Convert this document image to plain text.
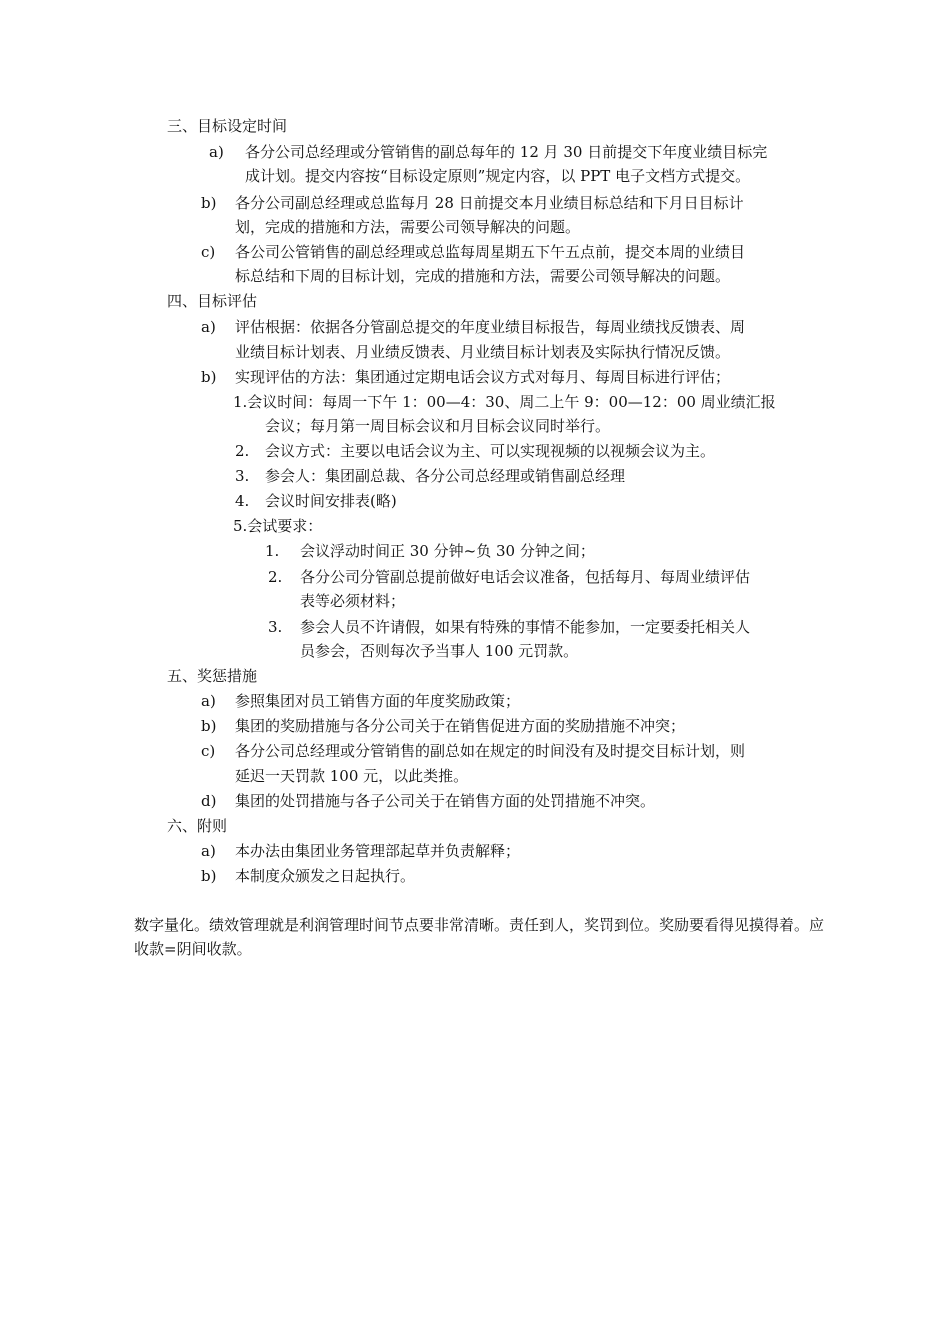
三、目标设定时间
a) 各分公司总经理或分管销售的副总每年的 12 月 30 日前提交下年度业绩目标完
成计划。提交内容按“目标设定原则”规定内容，以 PPT 电子文档方式提交。
b) 各分公司副总经理或总监每月 28 日前提交本月业绩目标总结和下月日目标计
划，完成的措施和方法，需要公司领导解决的问题。
c) 各公司公管销售的副总经理或总监每周星期五下午五点前，提交本周的业绩目
标总结和下周的目标计划，完成的措施和方法，需要公司领导解决的问题。
四、目标评估
a) 评估根据：依据各分管副总提交的年度业绩目标报告，每周业绩找反馈表、周
业绩目标计划表、月业绩反馈表、月业绩目标计划表及实际执行情况反馈。
b) 实现评估的方法：集团通过定期电话会议方式对每月、每周目标进行评估；
1.会议时间：每周一下午 1：00—4：30、周二上午 9：00—12：00 周业绩汇报
会议；每月第一周目标会议和月目标会议同时举行。
2. 会议方式：主要以电话会议为主、可以实现视频的以视频会议为主。
3. 参会人：集团副总裁、各分公司总经理或销售副总经理
4. 会议时间安排表(略)
5.会试要求：
1. 会议浮动时间正 30 分钟~负 30 分钟之间；
2. 各分公司分管副总提前做好电话会议准备，包括每月、每周业绩评估
表等必须材料；
3. 参会人员不许请假，如果有特殊的事情不能参加，一定要委托相关人
员参会，否则每次予当事人 100 元罚款。
五、奖惩措施
a) 参照集团对员工销售方面的年度奖励政策；
b) 集团的奖励措施与各分公司关于在销售促进方面的奖励措施不冲突；
c) 各分公司总经理或分管销售的副总如在规定的时间没有及时提交目标计划，则
延迟一天罚款 100 元，以此类推。
d) 集团的处罚措施与各子公司关于在销售方面的处罚措施不冲突。
六、附则
a) 本办法由集团业务管理部起草并负责解释；
b) 本制度众颁发之日起执行。
数字量化。绩效管理就是利润管理时间节点要非常清晰。责任到人，奖罚到位。奖励要看得见摸得着。应收款=阴间收款。
